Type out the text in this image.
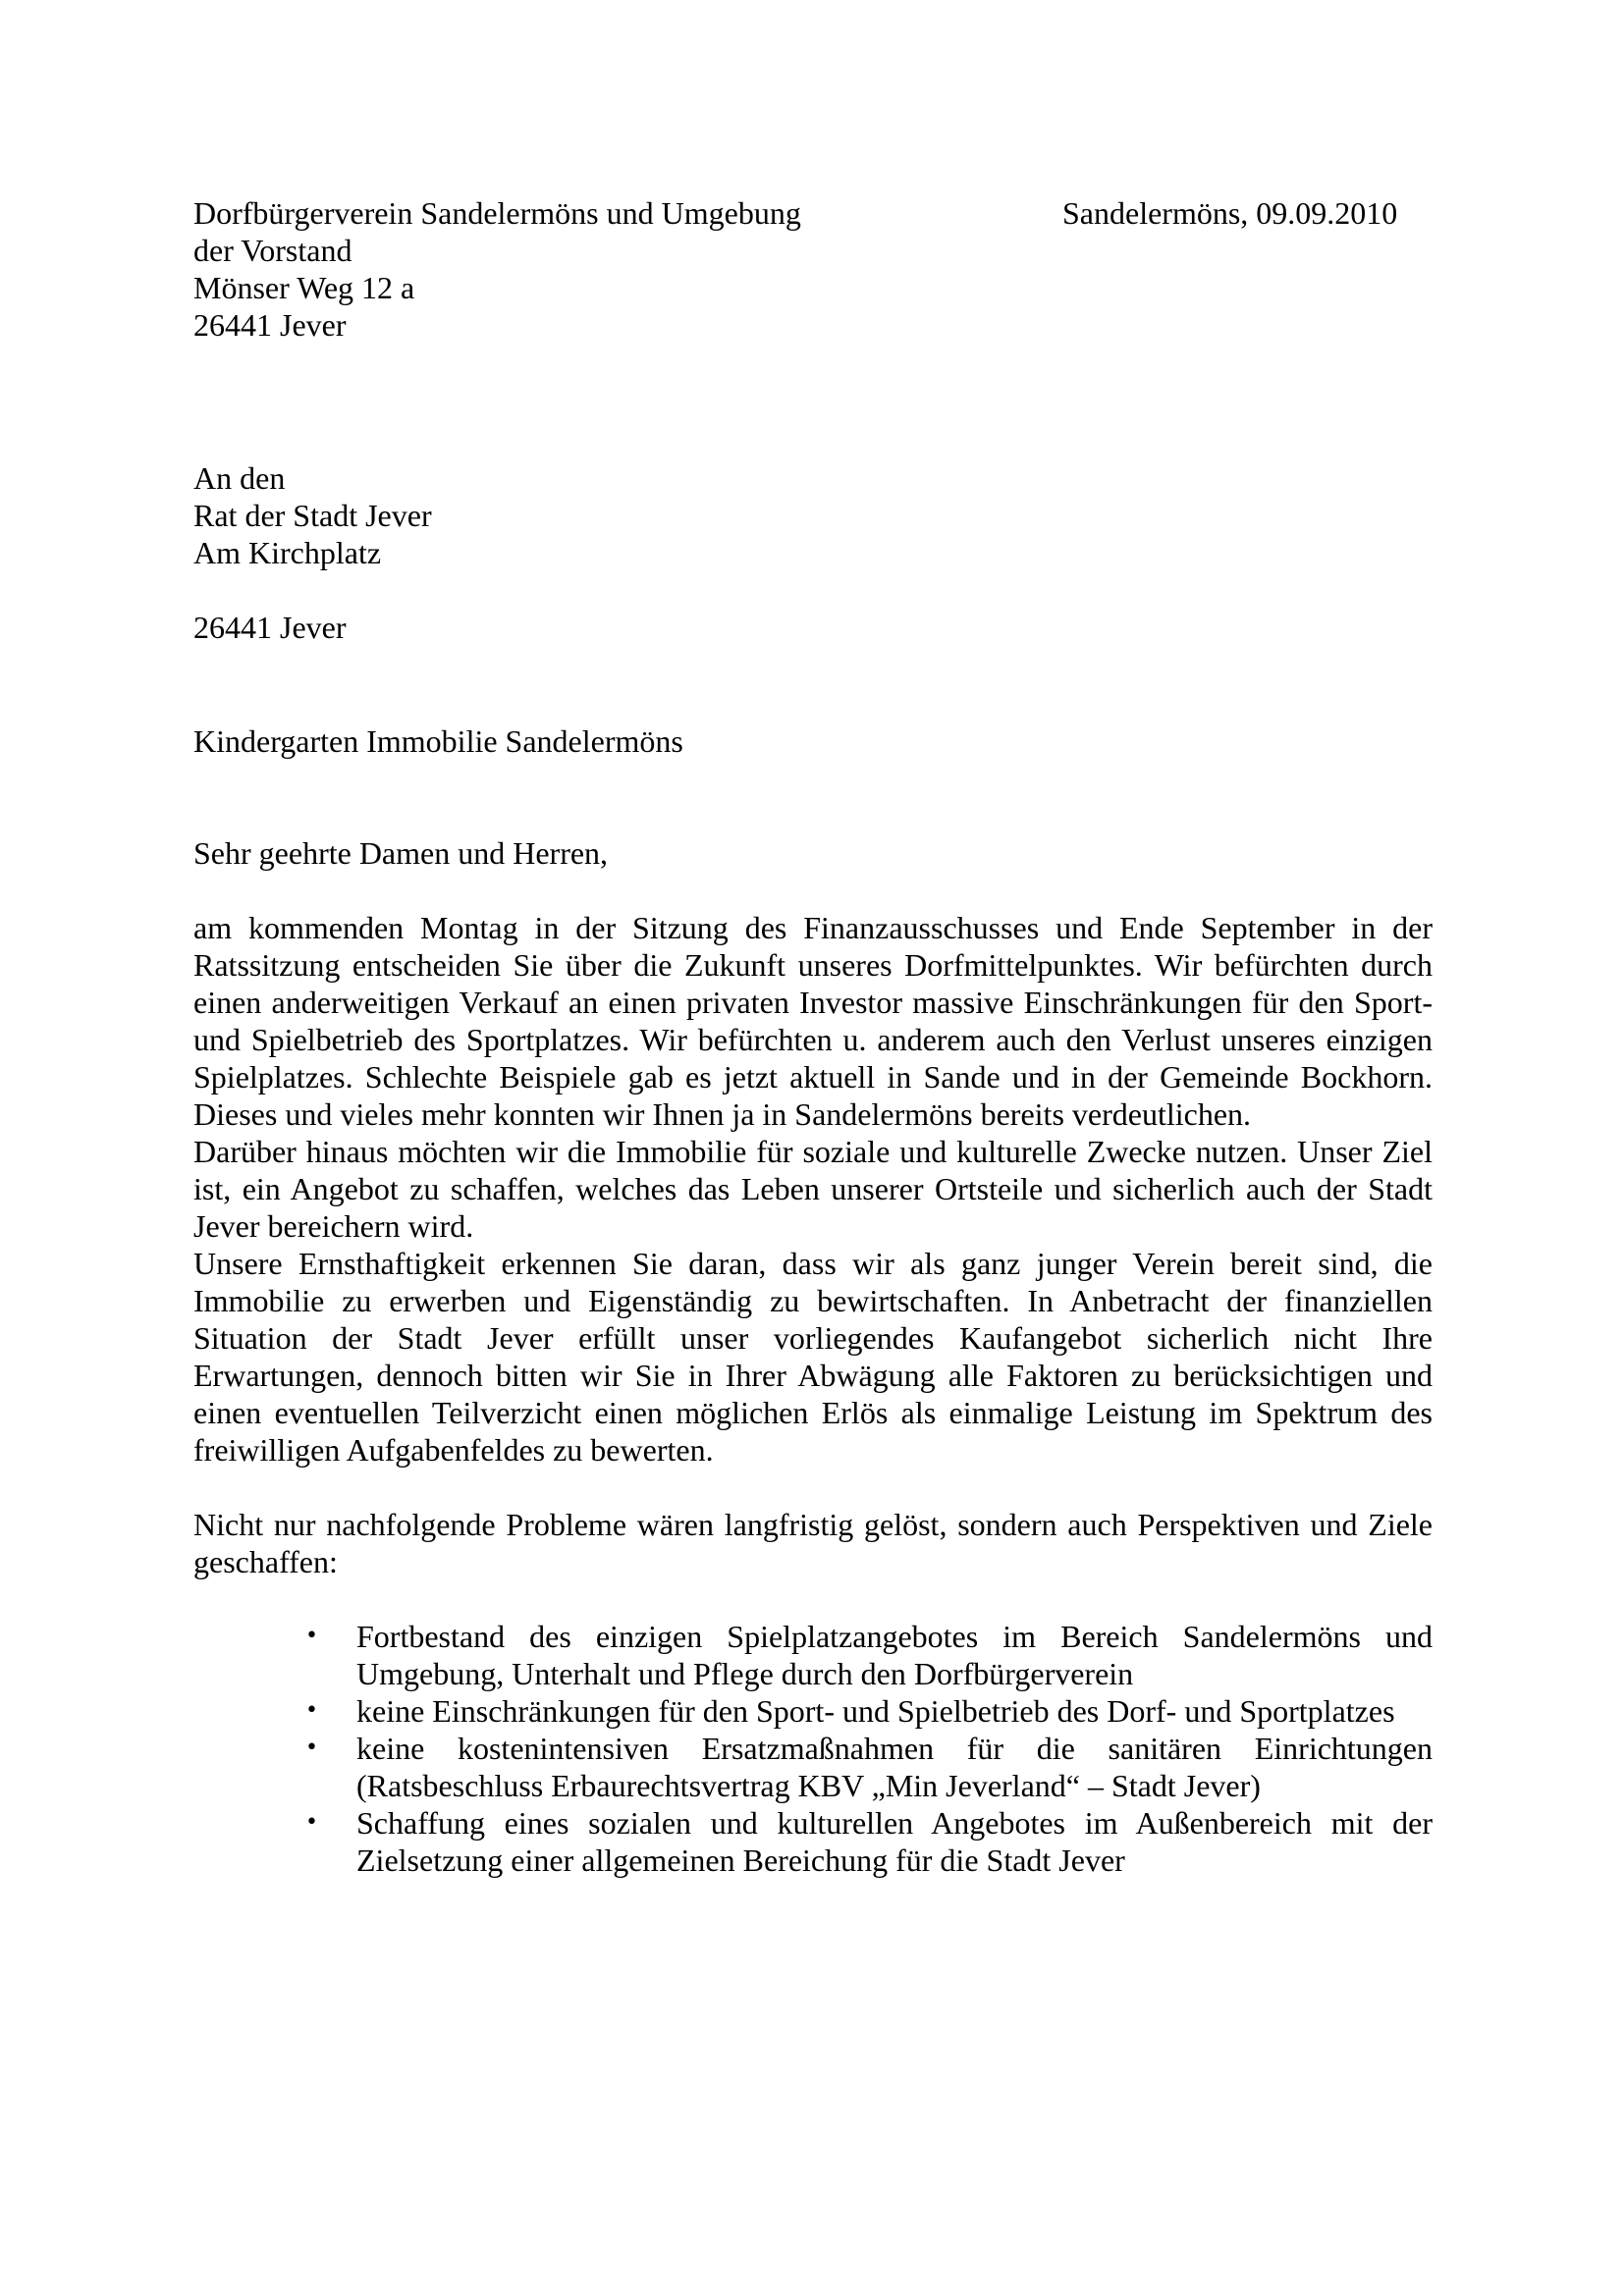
Dorfbürgerverein Sandelermöns und Umgebung
der Vorstand
Mönser Weg 12 a
26441 Jever
Sandelermöns, 09.09.2010
An den
Rat der Stadt Jever
Am Kirchplatz
26441 Jever
Kindergarten Immobilie Sandelermöns
Sehr geehrte Damen und Herren,

am kommenden Montag in der Sitzung des Finanzausschusses und Ende September in der Ratssitzung entscheiden Sie über die Zukunft unseres Dorfmittelpunktes. Wir befürchten durch einen anderweitigen Verkauf an einen privaten Investor massive Einschränkungen für den Sport- und Spielbetrieb des Sportplatzes. Wir befürchten u. anderem auch den Verlust unseres einzigen Spielplatzes. Schlechte Beispiele gab es jetzt aktuell in Sande und in der Gemeinde Bockhorn. Dieses und vieles mehr konnten wir Ihnen ja in Sandelermöns bereits verdeutlichen.

Darüber hinaus möchten wir die Immobilie für soziale und kulturelle Zwecke nutzen. Unser Ziel ist, ein Angebot zu schaffen, welches das Leben unserer Ortsteile und sicherlich auch der Stadt Jever bereichern wird.

Unsere Ernsthaftigkeit erkennen Sie daran, dass wir als ganz junger Verein bereit sind, die Immobilie zu erwerben und Eigenständig zu bewirtschaften. In Anbetracht der finanziellen Situation der Stadt Jever erfüllt unser vorliegendes Kaufangebot sicherlich nicht Ihre Erwartungen, dennoch bitten wir Sie in Ihrer Abwägung alle Faktoren zu berücksichtigen und einen eventuellen Teilverzicht einen möglichen Erlös als einmalige Leistung im Spektrum des freiwilligen Aufgabenfeldes zu bewerten.

Nicht nur nachfolgende Probleme wären langfristig gelöst, sondern auch Perspektiven und Ziele geschaffen:

• Fortbestand des einzigen Spielplatzangebotes im Bereich Sandelermöns und Umgebung, Unterhalt und Pflege durch den Dorfbürgerverein
• keine Einschränkungen für den Sport- und Spielbetrieb des Dorf- und Sportplatzes
• keine kostenintensiven Ersatzmaßnahmen für die sanitären Einrichtungen (Ratsbeschluss Erbaurechtsvertrag KBV „Min Jeverland“ – Stadt Jever)
• Schaffung eines sozialen und kulturellen Angebotes im Außenbereich mit der Zielsetzung einer allgemeinen Bereichung für die Stadt Jever
